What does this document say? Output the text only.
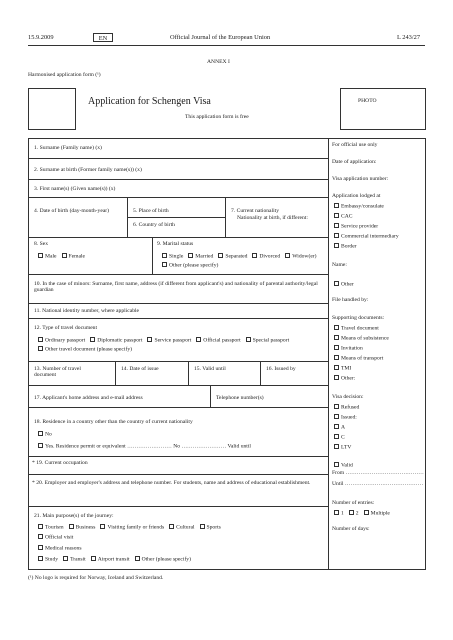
15.9.2009	EN	Official Journal of the European Union	L 243/27
ANNEX I
Harmonised application form (¹)
Application for Schengen Visa
This application form is free
PHOTO
1. Surname (Family name) (x)
2. Surname at birth (Former family name(s)) (x)
3. First name(s) (Given name(s)) (x)
4. Date of birth (day-month-year)	5. Place of birth
6. Country of birth
7. Current nationality
Nationality at birth, if different:
8. Sex
Male	Female
9. Marital status
Single	Married	Separated	Divorced	Widow(er)
Other (please specify)
10. In the case of minors: Surname, first name, address (if different from applicant's) and nationality of parental authority/legal guardian
11. National identity number, where applicable
12. Type of travel document
Ordinary passport	Diplomatic passport	Service passport	Official passport	Special passport
Other travel document (please specify)
13. Number of travel document
14. Date of issue	15. Valid until	16. Issued by
17. Applicant's home address and e-mail address	Telephone number(s)
18. Residence in a country other than the country of current nationality
No
Yes. Residence permit or equivalent …………………… No …………………… Valid until
* 19. Current occupation
* 20. Employer and employer's address and telephone number. For students, name and address of educational establishment.
21. Main purpose(s) of the journey:
Tourism	Business	Visiting family or friends	Cultural	Sports
Official visit
Medical reasons
Study	Transit	Airport transit	Other (please specify)
For official use only
Date of application:
Visa application number:
Application lodged at
Embassy/consulate
CAC
Service provider
Commercial intermediary
Border
Name:
Other
File handled by:
Supporting documents:
Travel document
Means of subsistence
Invitation
Means of transport
TMI
Other:
Visa decision:
Refused
Issued:
A
C
LTV
Valid
From ……………………………………
Until ……………………………………
Number of entries:
1	2	Multiple
Number of days:
(¹) No logo is required for Norway, Iceland and Switzerland.
